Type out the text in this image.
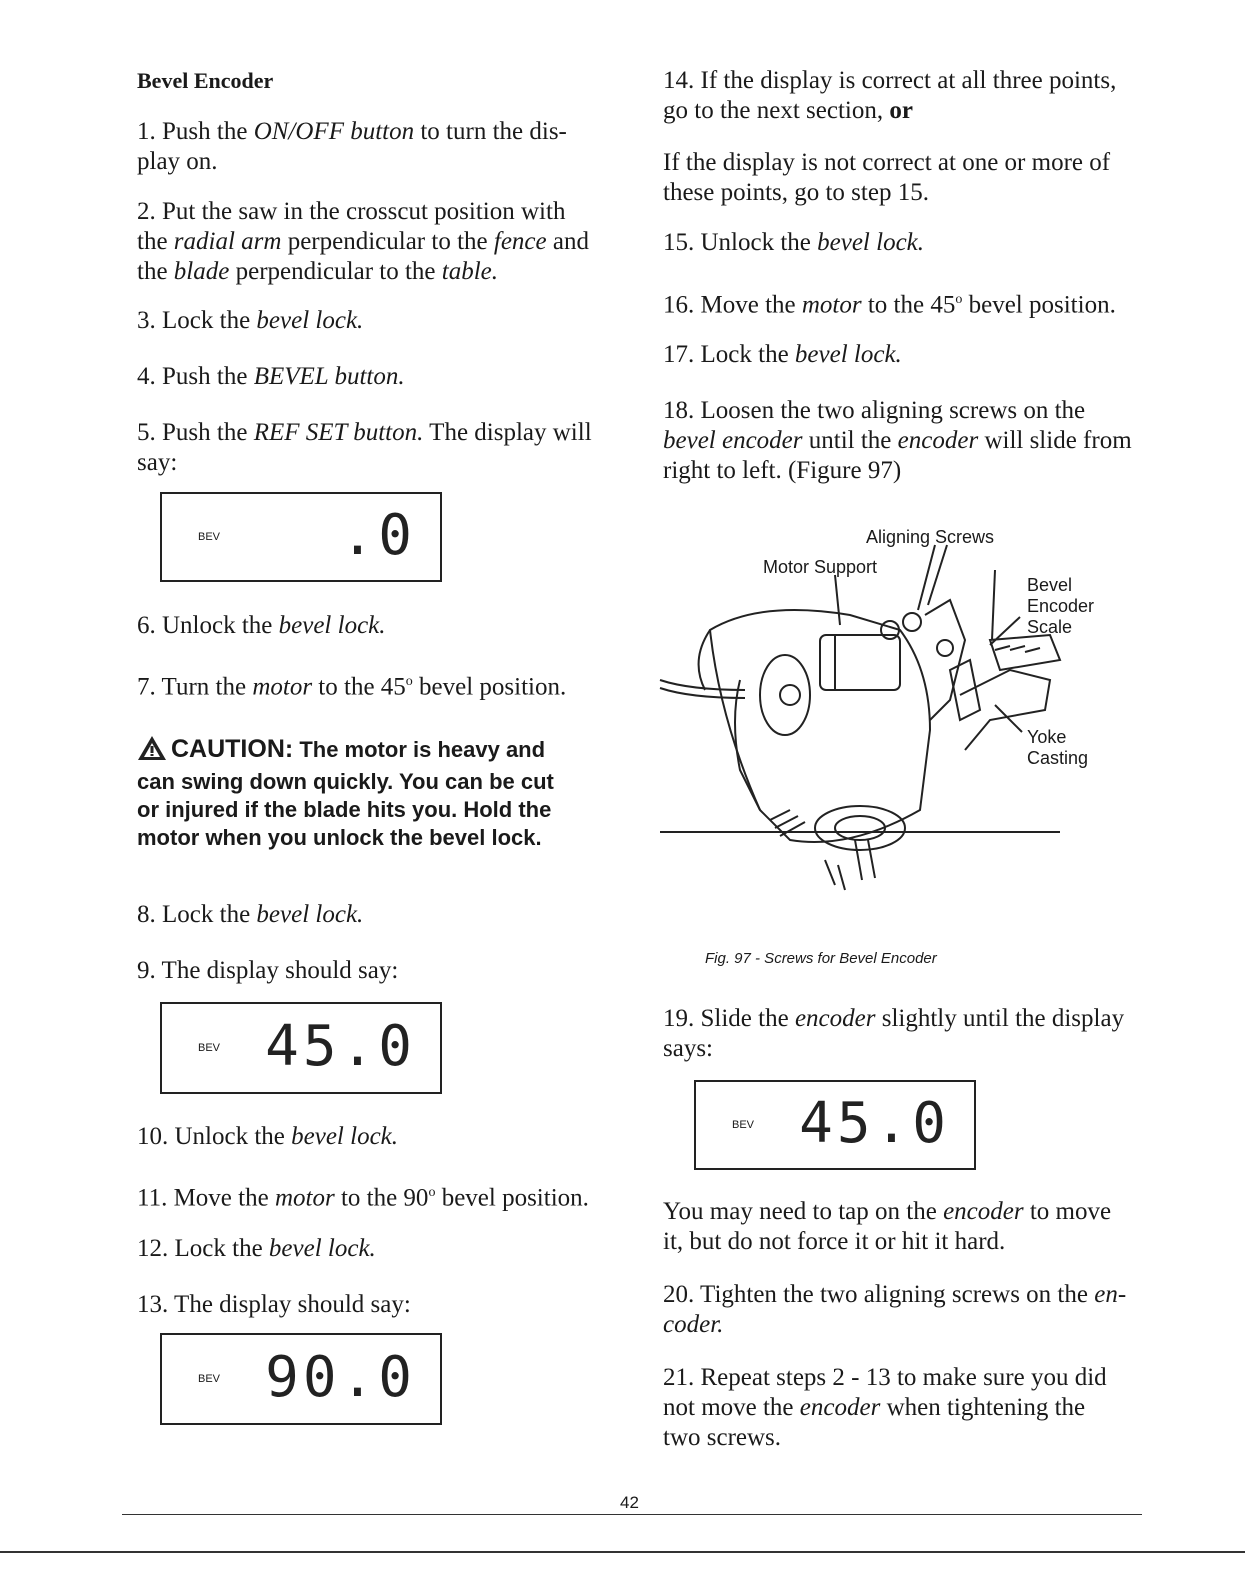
Bevel Encoder
1. Push the ON/OFF button to turn the dis-
play on.
2. Put the saw in the crosscut position with
the radial arm perpendicular to the fence and
the blade perpendicular to the table.
3. Lock the bevel lock.
4. Push the BEVEL button.
5. Push the REF SET button. The display will
say:
BEV .0
6. Unlock the bevel lock.
7. Turn the motor to the 45$^o$ bevel position.
CAUTION: The motor is heavy and
can swing down quickly. You can be cut
or injured if the blade hits you. Hold the
motor when you unlock the bevel lock.
8. Lock the bevel lock.
9. The display should say:
BEV 45.0
10. Unlock the bevel lock.
11. Move the motor to the 90$^o$ bevel position.
12. Lock the bevel lock.
13. The display should say:
BEV 90.0
14. If the display is correct at all three points,
go to the next section, or
If the display is not correct at one or more of
these points, go to step 15.
15. Unlock the bevel lock.
16. Move the motor to the 45$^o$ bevel position.
17. Lock the bevel lock.
18. Loosen the two aligning screws on the
bevel encoder until the encoder will slide from
right to left. (Figure 97)
Aligning Screws
Motor Support
Bevel
Encoder
Scale
Yoke
Casting
Fig. 97 - Screws for Bevel Encoder
19. Slide the encoder slightly until the display
says:
BEV 45.0
You may need to tap on the encoder to move
it, but do not force it or hit it hard.
20. Tighten the two aligning screws on the en-
coder.
21. Repeat steps 2 - 13 to make sure you did
not move the encoder when tightening the
two screws.
42
